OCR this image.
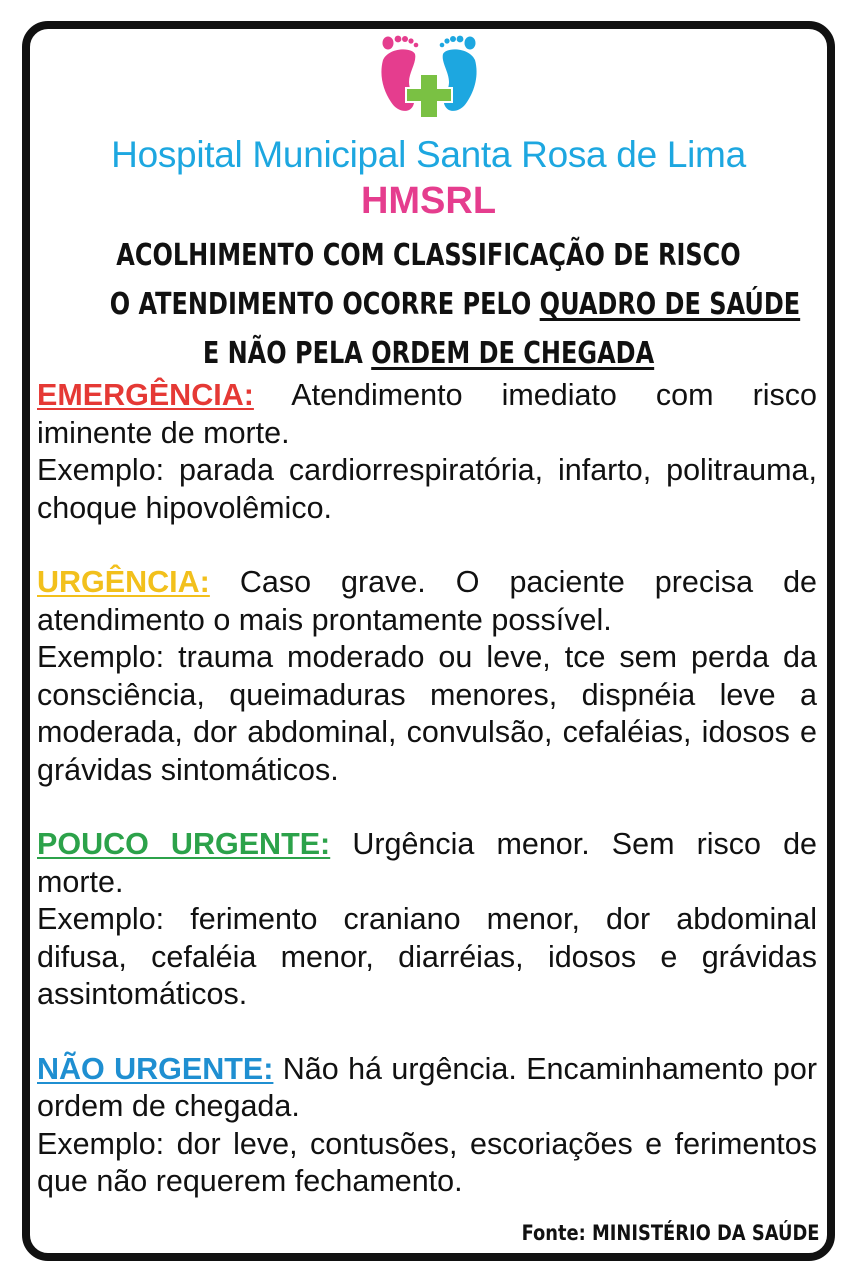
Hospital Municipal Santa Rosa de Lima
HMSRL
ACOLHIMENTO COM CLASSIFICAÇÃO DE RISCO
O ATENDIMENTO OCORRE PELO QUADRO DE SAÚDE
E NÃO PELA ORDEM DE CHEGADA

EMERGÊNCIA: Atendimento imediato com risco iminente de morte.

Exemplo: parada cardiorrespiratória, infarto, politrauma, choque hipovolêmico.

URGÊNCIA: Caso grave. O paciente precisa de atendimento o mais prontamente possível.

Exemplo: trauma moderado ou leve, tce sem perda da consciência, queimaduras menores, dispnéia leve a moderada, dor abdominal, convulsão, cefaléias, idosos e grávidas sintomáticos.

POUCO URGENTE: Urgência menor. Sem risco de morte.

Exemplo: ferimento craniano menor, dor abdominal difusa, cefaléia menor, diarréias, idosos e grávidas assintomáticos.

NÃO URGENTE: Não há urgência. Encaminhamento por ordem de chegada.

Exemplo: dor leve, contusões, escoriações e ferimentos que não requerem fechamento.

Fonte: MINISTÉRIO DA SAÚDE
